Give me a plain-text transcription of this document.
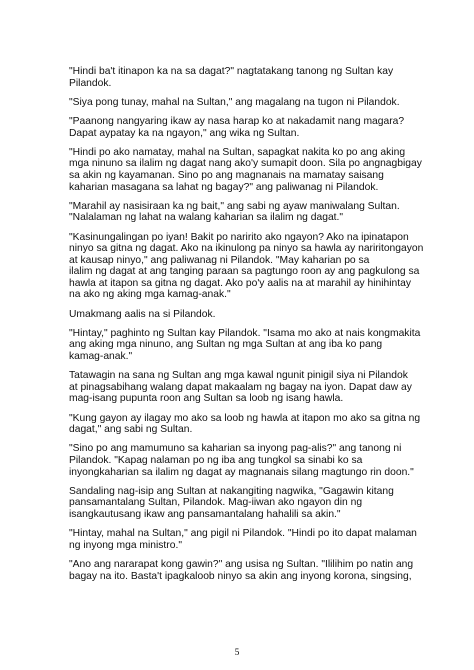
"Hindi ba't itinapon ka na sa dagat?" nagtatakang tanong ng Sultan kay
Pilandok.
"Siya pong tunay, mahal na Sultan," ang magalang na tugon ni Pilandok.
"Paanong nangyaring ikaw ay nasa harap ko at nakadamit nang magara?
Dapat aypatay ka na ngayon," ang wika ng Sultan.
"Hindi po ako namatay, mahal na Sultan, sapagkat nakita ko po ang aking
mga ninuno sa ilalim ng dagat nang ako'y sumapit doon. Sila po angnagbigay
sa akin ng kayamanan. Sino po ang magnanais na mamatay saisang
kaharian masagana sa lahat ng bagay?" ang paliwanag ni Pilandok.
"Marahil ay nasisiraan ka ng bait," ang sabi ng ayaw maniwalang Sultan.
"Nalalaman ng lahat na walang kaharian sa ilalim ng dagat."
"Kasinungalingan po iyan! Bakit po naririto ako ngayon? Ako na ipinatapon
ninyo sa gitna ng dagat. Ako na ikinulong pa ninyo sa hawla ay nariritongayon
at kausap ninyo," ang paliwanag ni Pilandok. "May kaharian po sa
ilalim ng dagat at ang tanging paraan sa pagtungo roon ay ang pagkulong sa
hawla at itapon sa gitna ng dagat. Ako po'y aalis na at marahil ay hinihintay
na ako ng aking mga kamag-anak."
Umakmang aalis na si Pilandok.
"Hintay," paghinto ng Sultan kay Pilandok. "Isama mo ako at nais kongmakita
ang aking mga ninuno, ang Sultan ng mga Sultan at ang iba ko pang
kamag-anak."
Tatawagin na sana ng Sultan ang mga kawal ngunit pinigil siya ni Pilandok
at pinagsabihang walang dapat makaalam ng bagay na iyon. Dapat daw ay
mag-isang pupunta roon ang Sultan sa loob ng isang hawla.
"Kung gayon ay ilagay mo ako sa loob ng hawla at itapon mo ako sa gitna ng
dagat," ang sabi ng Sultan.
"Sino po ang mamumuno sa kaharian sa inyong pag-alis?" ang tanong ni
Pilandok. "Kapag nalaman po ng iba ang tungkol sa sinabi ko sa
inyongkaharian sa ilalim ng dagat ay magnanais silang magtungo rin doon."
Sandaling nag-isip ang Sultan at nakangiting nagwika, "Gagawin kitang
pansamantalang Sultan, Pilandok. Mag-iiwan ako ngayon din ng
isangkautusang ikaw ang pansamantalang hahalili sa akin."
"Hintay, mahal na Sultan," ang pigil ni Pilandok. "Hindi po ito dapat malaman
ng inyong mga ministro."
"Ano ang nararapat kong gawin?" ang usisa ng Sultan. "Ililihim po natin ang
bagay na ito. Basta't ipagkaloob ninyo sa akin ang inyong korona, singsing,
5
